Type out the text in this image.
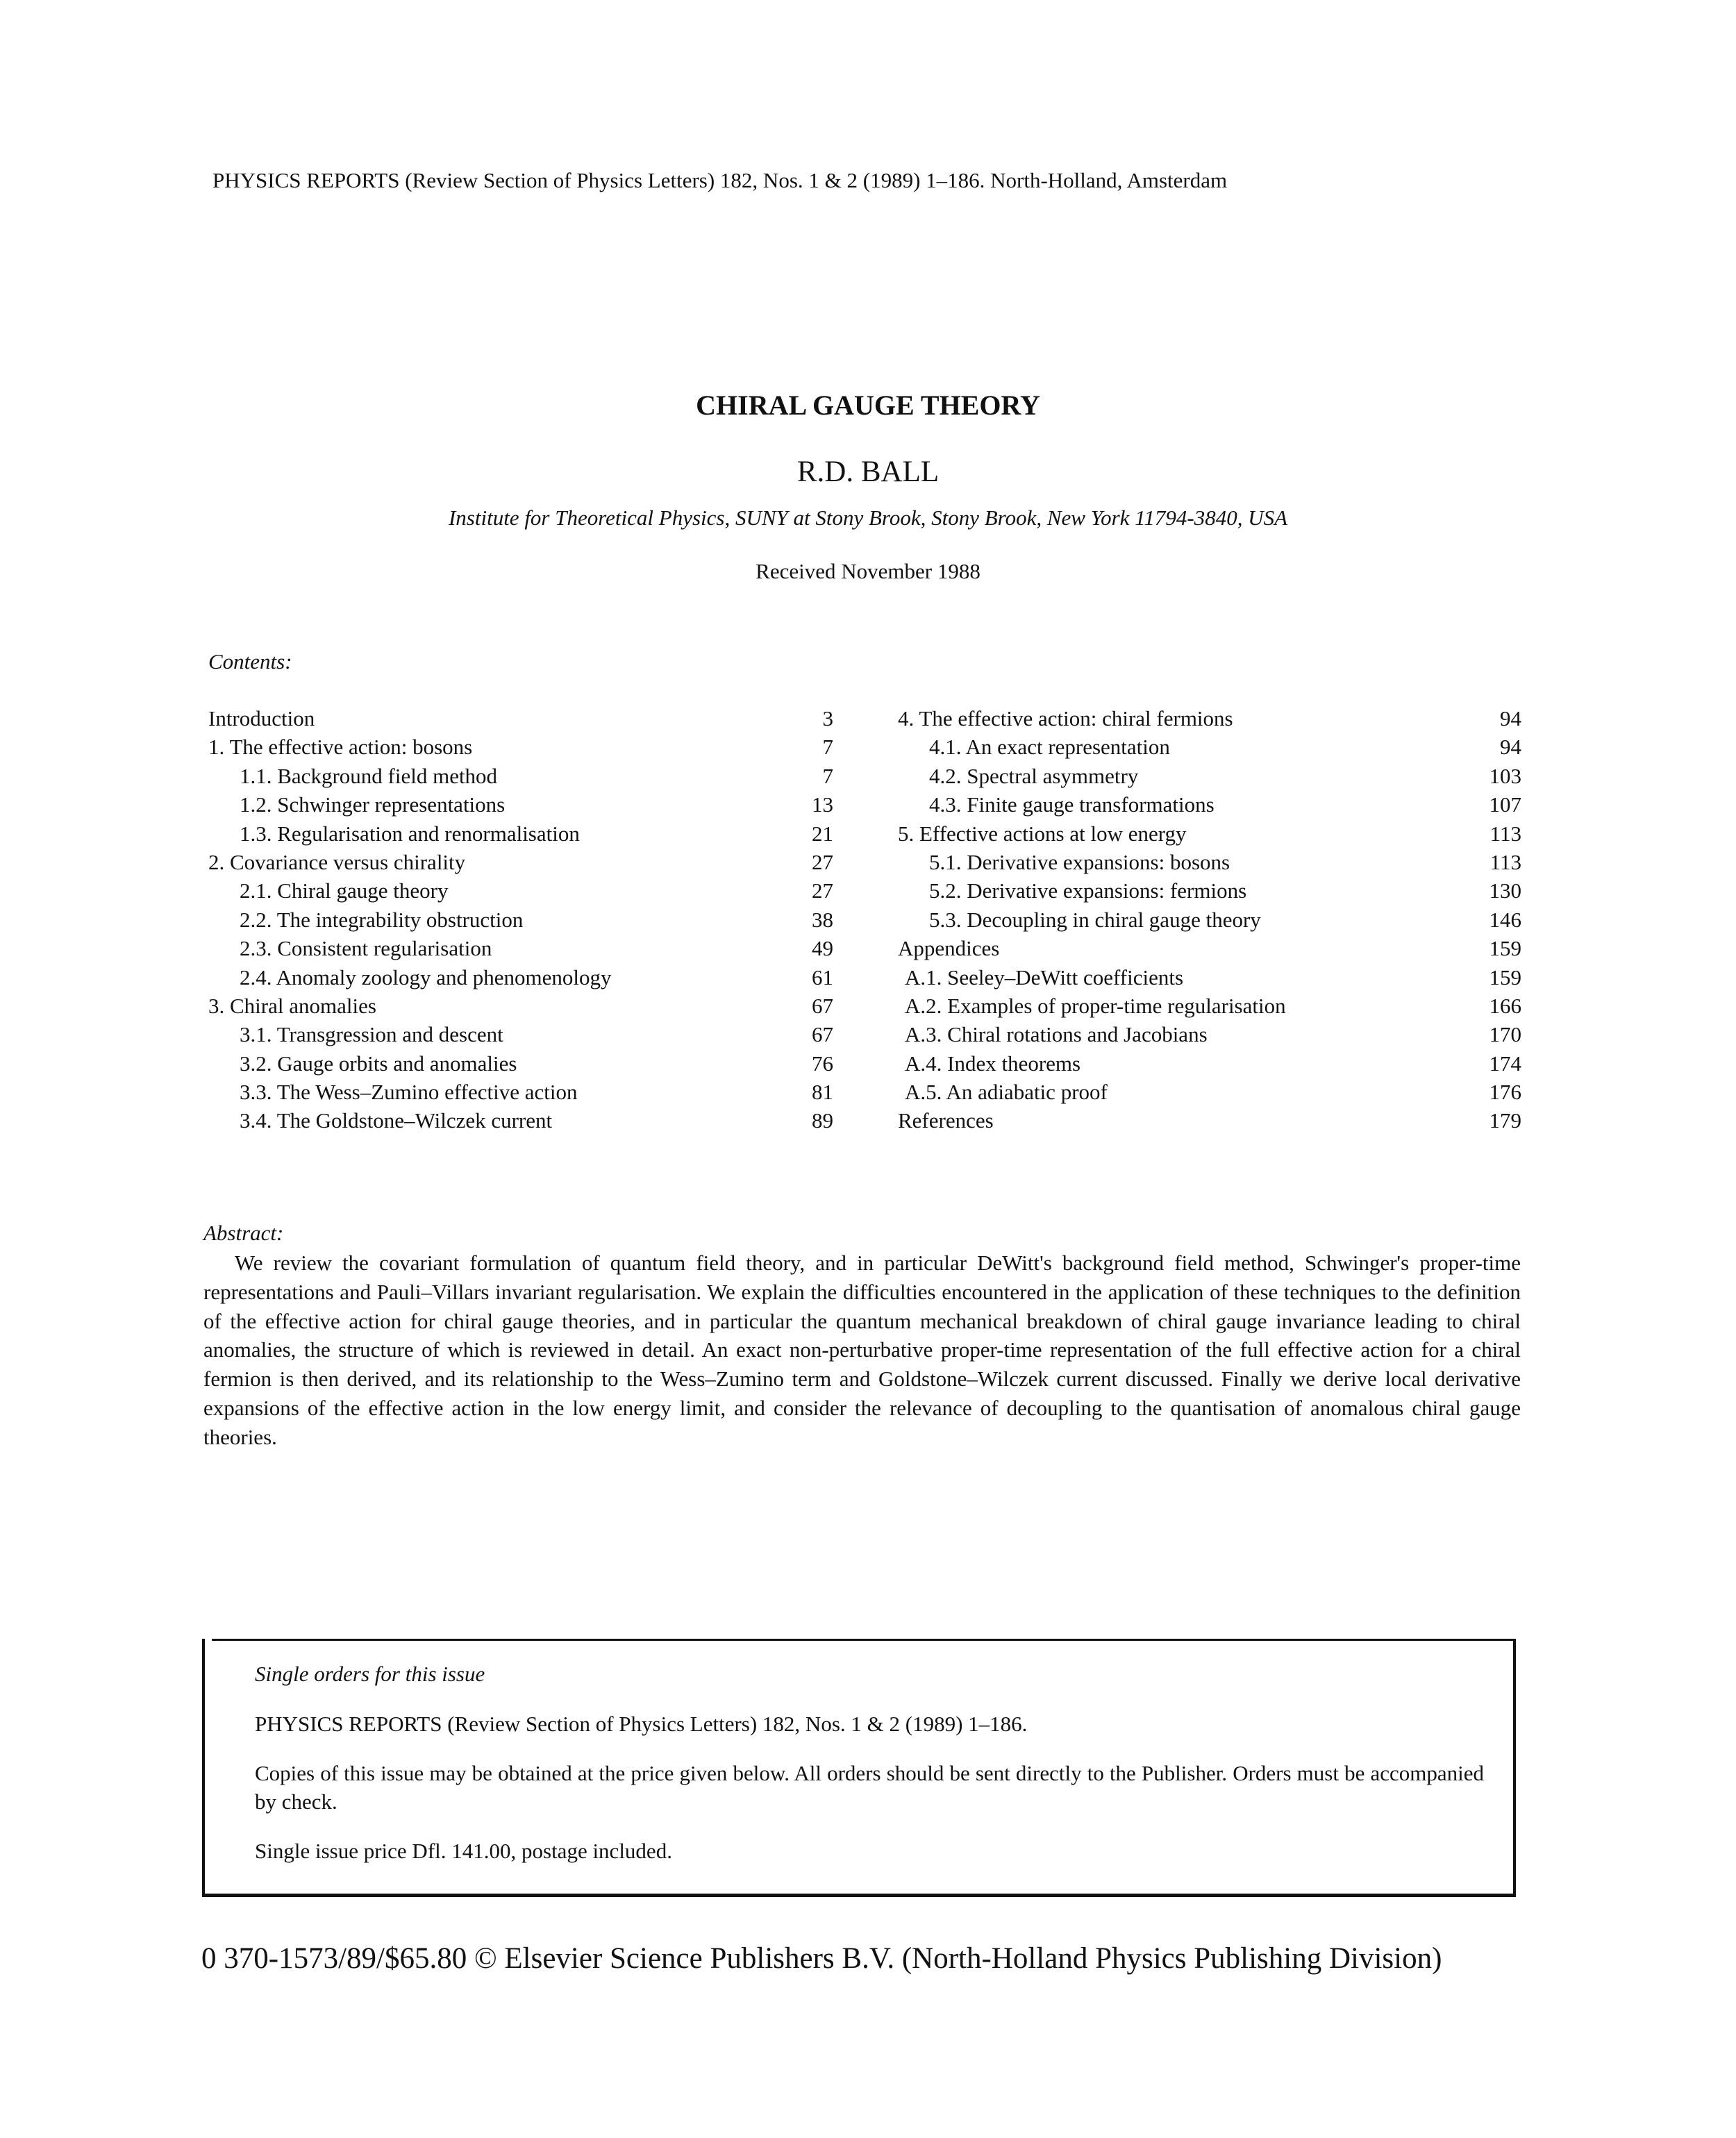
PHYSICS REPORTS (Review Section of Physics Letters) 182, Nos. 1 & 2 (1989) 1–186. North-Holland, Amsterdam
CHIRAL GAUGE THEORY
R.D. BALL
Institute for Theoretical Physics, SUNY at Stony Brook, Stony Brook, New York 11794-3840, USA
Received November 1988
Contents:
Introduction	3
1. The effective action: bosons	7
1.1. Background field method	7
1.2. Schwinger representations	13
1.3. Regularisation and renormalisation	21
2. Covariance versus chirality	27
2.1. Chiral gauge theory	27
2.2. The integrability obstruction	38
2.3. Consistent regularisation	49
2.4. Anomaly zoology and phenomenology	61
3. Chiral anomalies	67
3.1. Transgression and descent	67
3.2. Gauge orbits and anomalies	76
3.3. The Wess–Zumino effective action	81
3.4. The Goldstone–Wilczek current	89
4. The effective action: chiral fermions	94
4.1. An exact representation	94
4.2. Spectral asymmetry	103
4.3. Finite gauge transformations	107
5. Effective actions at low energy	113
5.1. Derivative expansions: bosons	113
5.2. Derivative expansions: fermions	130
5.3. Decoupling in chiral gauge theory	146
Appendices	159
A.1. Seeley–DeWitt coefficients	159
A.2. Examples of proper-time regularisation	166
A.3. Chiral rotations and Jacobians	170
A.4. Index theorems	174
A.5. An adiabatic proof	176
References	179
Abstract:
We review the covariant formulation of quantum field theory, and in particular DeWitt's background field method, Schwinger's proper-time representations and Pauli–Villars invariant regularisation. We explain the difficulties encountered in the application of these techniques to the definition of the effective action for chiral gauge theories, and in particular the quantum mechanical breakdown of chiral gauge invariance leading to chiral anomalies, the structure of which is reviewed in detail. An exact non-perturbative proper-time representation of the full effective action for a chiral fermion is then derived, and its relationship to the Wess–Zumino term and Goldstone–Wilczek current discussed. Finally we derive local derivative expansions of the effective action in the low energy limit, and consider the relevance of decoupling to the quantisation of anomalous chiral gauge theories.
Single orders for this issue
PHYSICS REPORTS (Review Section of Physics Letters) 182, Nos. 1 & 2 (1989) 1–186.
Copies of this issue may be obtained at the price given below. All orders should be sent directly to the Publisher. Orders must be accompanied by check.
Single issue price Dfl. 141.00, postage included.
0 370-1573/89/$65.80 © Elsevier Science Publishers B.V. (North-Holland Physics Publishing Division)
